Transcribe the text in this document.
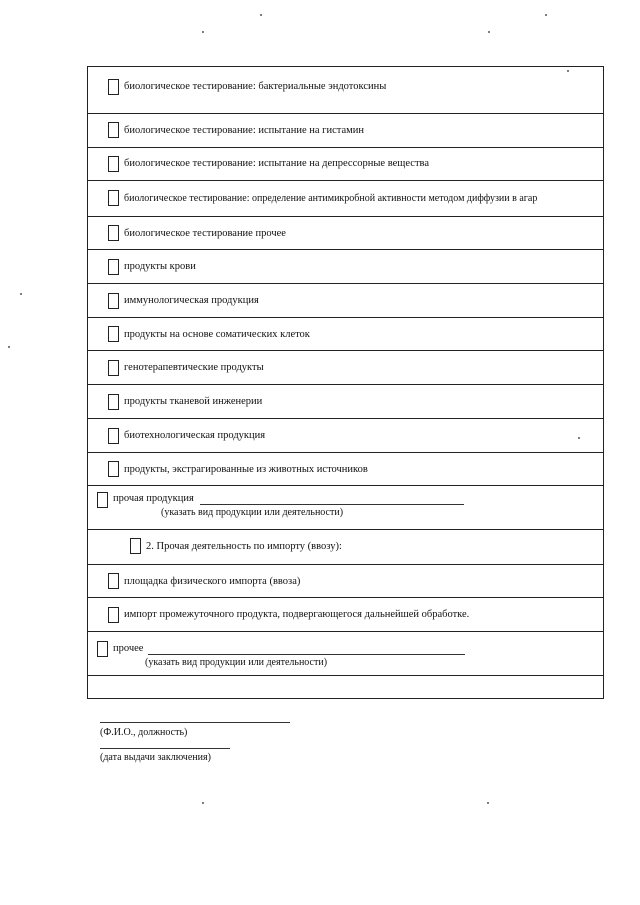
биологическое тестирование: бактериальные эндотоксины
биологическое тестирование: испытание на гистамин
биологическое тестирование: испытание на депрессорные вещества
биологическое тестирование: определение антимикробной активности методом диффузии в агар
биологическое тестирование прочее
продукты крови
иммунологическая продукция
продукты на основе соматических клеток
генотерапевтические продукты
продукты тканевой инженерии
биотехнологическая продукция
продукты, экстрагированные из животных источников
прочая продукция
(указать вид продукции или деятельности)
2. Прочая деятельность по импорту (ввозу):
площадка физического импорта (ввоза)
импорт промежуточного продукта, подвергающегося дальнейшей обработке.
прочее
(указать вид продукции или деятельности)
(Ф.И.О., должность)
(дата выдачи заключения)
